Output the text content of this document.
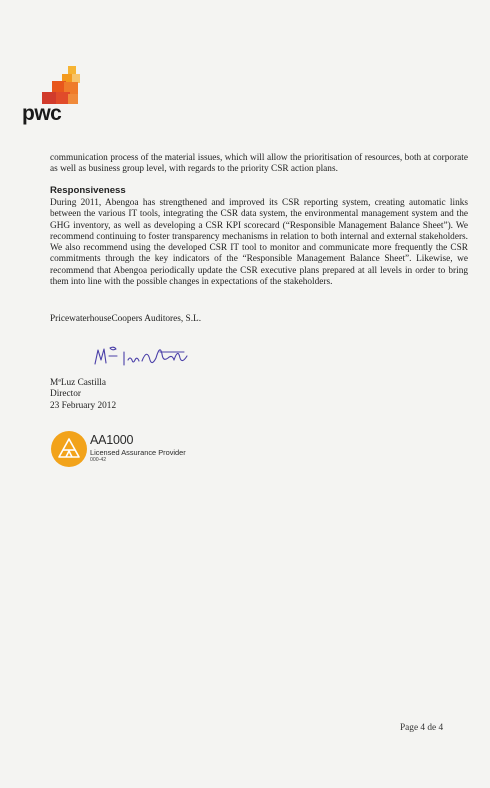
pwc
communication process of the material issues, which will allow the prioritisation of resources, both at corporate as well as business group level, with regards to the priority CSR action plans.
Responsiveness
During 2011, Abengoa has strengthened and improved its CSR reporting system, creating automatic links between the various IT tools, integrating the CSR data system, the environmental management system and the GHG inventory, as well as developing a CSR KPI scorecard (“Responsible Management Balance Sheet”). We recommend continuing to foster transparency mechanisms in relation to both internal and external stakeholders. We also recommend using the developed CSR IT tool to monitor and communicate more frequently the CSR commitments through the key indicators of the “Responsible Management Balance Sheet”. Likewise, we recommend that Abengoa periodically update the CSR executive plans prepared at all levels in order to bring them into line with the possible changes in expectations of the stakeholders.
PricewaterhouseCoopers Auditores, S.L.
MªLuz Castilla
Director
23 February 2012
AA1000
Licensed Assurance Provider
000-42
Page 4 de 4
